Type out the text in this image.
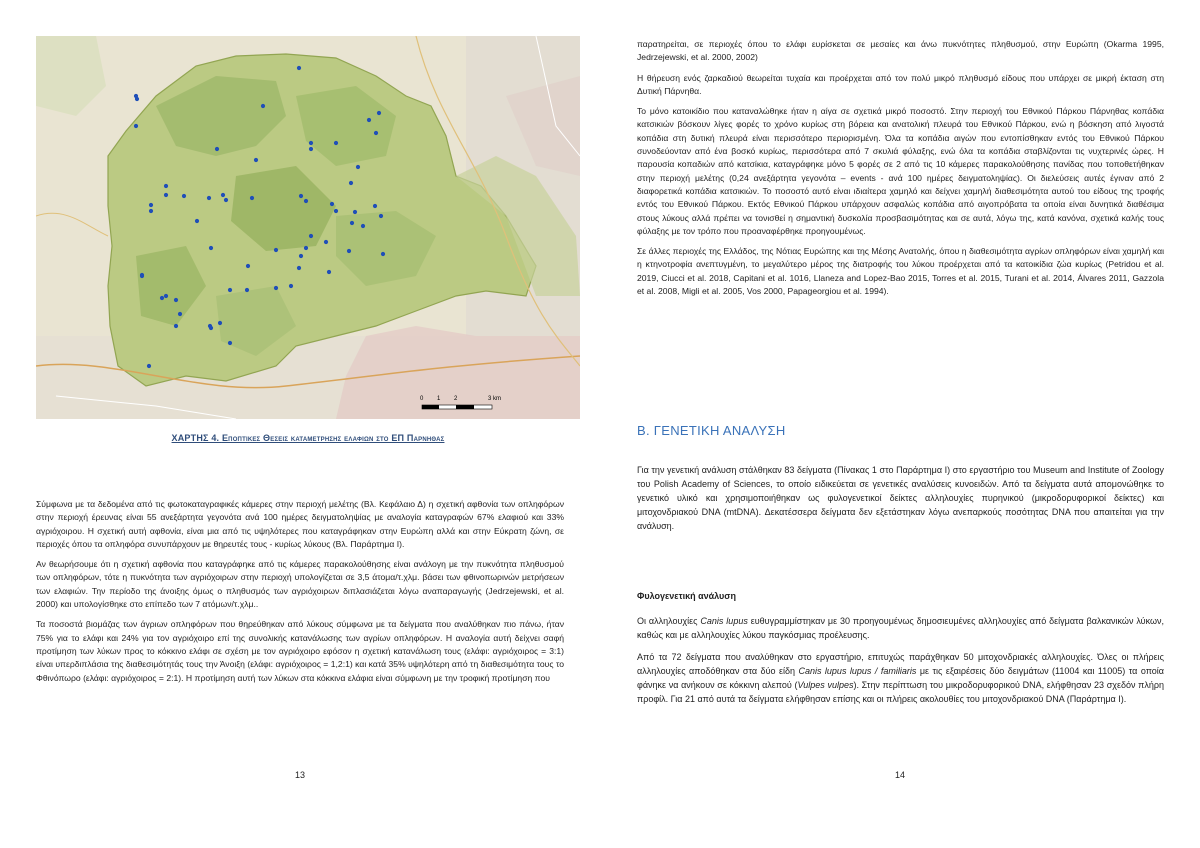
0 1 2	3 km
ΧΑΡΤΗΣ 4. Εποπτικες Θεσεις καταμετρησης ελαφιων στο ΕΠ Παρνηθας

Σύμφωνα με τα δεδομένα από τις φωτοκαταγραφικές κάμερες στην περιοχή μελέτης (Βλ. Κεφάλαιο Δ) η σχετική αφθονία των οπληφόρων στην περιοχή έρευνας είναι 55 ανεξάρτητα γεγονότα ανά 100 ημέρες δειγματοληψίας με αναλογία καταγραφών 67% ελαφιού και 33% αγριόχοιρου. Η σχετική αυτή αφθονία, είναι μια από τις υψηλότερες που καταγράφηκαν στην Ευρώπη αλλά και στην Εύκρατη ζώνη, σε περιοχές όπου τα οπληφόρα συνυπάρχουν με θηρευτές τους - κυρίως λύκους (Βλ. Παράρτημα Ι).

Αν θεωρήσουμε ότι η σχετική αφθονία που καταγράφηκε από τις κάμερες παρακολούθησης είναι ανάλογη με την πυκνότητα πληθυσμού των οπληφόρων, τότε η πυκνότητα των αγριόχοιρων στην περιοχή υπολογίζεται σε 3,5 άτομα/τ.χλμ. βάσει των φθινοπωρινών μετρήσεων των ελαφιών. Την περίοδο της άνοιξης όμως ο πληθυσμός των αγριόχοιρων διπλασιάζεται λόγω αναπαραγωγής (Jedrzejewski, et al. 2000) και υπολογίσθηκε στο επίπεδο των 7 ατόμων/τ.χλμ..

Τα ποσοστά βιομάζας των άγριων οπληφόρων που θηρεύθηκαν από λύκους σύμφωνα με τα δείγματα που αναλύθηκαν πιο πάνω, ήταν 75% για το ελάφι και 24% για τον αγριόχοιρο επί της συνολικής κατανάλωσης των αγρίων οπληφόρων. Η αναλογία αυτή δείχνει σαφή προτίμηση των λύκων προς το κόκκινο ελάφι σε σχέση με τον αγριόχοιρο εφόσον η σχετική κατανάλωση τους (ελάφι: αγριόχοιρος = 3:1) είναι υπερδιπλάσια της διαθεσιμότητάς τους την Άνοιξη (ελάφι: αγριόχοιρος = 1,2:1) και κατά 35% υψηλότερη από τη διαθεσιμότητα τους το Φθινόπωρο (ελάφι: αγριόχοιρος = 2:1). Η προτίμηση αυτή των λύκων στα κόκκινα ελάφια είναι σύμφωνη με την τροφική προτίμηση που

13

παρατηρείται, σε περιοχές όπου το ελάφι ευρίσκεται σε μεσαίες και άνω πυκνότητες πληθυσμού, στην Ευρώπη (Okarma 1995, Jedrzejewski, et al. 2000, 2002)

Η θήρευση ενός ζαρκαδιού θεωρείται τυχαία και προέρχεται από τον πολύ μικρό πληθυσμό είδους που υπάρχει σε μικρή έκταση στη Δυτική Πάρνηθα.

Το μόνο κατοικίδιο που καταναλώθηκε ήταν η αίγα σε σχετικά μικρό ποσοστό. Στην περιοχή του Εθνικού Πάρκου Πάρνηθας κοπάδια κατσικιών βόσκουν λίγες φορές το χρόνο κυρίως στη βόρεια και ανατολική πλευρά του Εθνικού Πάρκου, ενώ η βόσκηση από λιγοστά κοπάδια στη δυτική πλευρά είναι περισσότερο περιορισμένη. Όλα τα κοπάδια αιγών που εντοπίσθηκαν εντός του Εθνικού Πάρκου συνοδεύονταν από ένα βοσκό κυρίως, περισσότερα από 7 σκυλιά φύλαξης, ενώ όλα τα κοπάδια σταβλίζονται τις νυχτερινές ώρες. Η παρουσία κοπαδιών από κατσίκια, καταγράφηκε μόνο 5 φορές σε 2 από τις 10 κάμερες παρακολούθησης πανίδας που τοποθετήθηκαν στην περιοχή μελέτης (0,24 ανεξάρτητα γεγονότα – events - ανά 100 ημέρες δειγματοληψίας). Οι διελεύσεις αυτές έγιναν από 2 διαφορετικά κοπάδια κατσικιών. Το ποσοστό αυτό είναι ιδιαίτερα χαμηλό και δείχνει χαμηλή διαθεσιμότητα αυτού του είδους της τροφής εντός του Εθνικού Πάρκου. Εκτός Εθνικού Πάρκου υπάρχουν ασφαλώς κοπάδια από αιγοπρόβατα τα οποία είναι δυνητικά διαθέσιμα στους λύκους αλλά πρέπει να τονισθεί η σημαντική δυσκολία προσβασιμότητας και σε αυτά, λόγω της, κατά κανόνα, σχετικά καλής τους φύλαξης με τον τρόπο που προαναφέρθηκε προηγουμένως.

Σε άλλες περιοχές της Ελλάδος, της Νότιας Ευρώπης και της Μέσης Ανατολής, όπου η διαθεσιμότητα αγρίων οπληφόρων είναι χαμηλή και η κτηνοτροφία ανεπτυγμένη, το μεγαλύτερο μέρος της διατροφής του λύκου προέρχεται από τα κατοικίδια ζώα κυρίως (Petridou et al. 2019, Ciucci et al. 2018, Capitani et al. 1016, Llaneza and Lopez-Bao 2015, Torres et al. 2015, Turani et al. 2014, Álvares 2011, Gazzola et al. 2008, Migli et al. 2005, Vos 2000, Papageorgiou et al. 1994).

Β. ΓΕΝΕΤΙΚΗ ΑΝΑΛΥΣΗ

Για την γενετική ανάλυση στάλθηκαν 83 δείγματα (Πίνακας 1 στο Παράρτημα Ι) στο εργαστήριο του Museum and Institute of Zoology του Polish Academy of Sciences, το οποίο ειδικεύεται σε γενετικές αναλύσεις κυνοειδών. Από τα δείγματα αυτά απομονώθηκε το γενετικό υλικό και χρησιμοποιήθηκαν ως φυλογενετικοί δείκτες αλληλουχίες πυρηνικού (μικροδορυφορικοί δείκτες) και μιτοχονδριακού DNA (mtDNA). Δεκατέσσερα δείγματα δεν εξετάστηκαν λόγω ανεπαρκούς ποσότητας DNA που απαιτείται για την ανάλυση.

Φυλογενετική ανάλυση

Οι αλληλουχίες Canis lupus ευθυγραμμίστηκαν με 30 προηγουμένως δημοσιευμένες αλληλουχίες από δείγματα βαλκανικών λύκων, καθώς και με αλληλουχίες λύκου παγκόσμιας προέλευσης.

Από τα 72 δείγματα που αναλύθηκαν στο εργαστήριο, επιτυχώς παράχθηκαν 50 μιτοχονδριακές αλληλουχίες. Όλες οι πλήρεις αλληλουχίες αποδόθηκαν στα δύο είδη Canis lupus lupus / familiaris με τις εξαιρέσεις δύο δειγμάτων (11004 και 11005) τα οποία φάνηκε να ανήκουν σε κόκκινη αλεπού (Vulpes vulpes). Στην περίπτωση του μικροδορυφορικού DNA, ελήφθησαν 23 σχεδόν πλήρη προφίλ. Για 21 από αυτά τα δείγματα ελήφθησαν επίσης και οι πλήρεις ακολουθίες του μιτοχονδριακού DNA (Παράρτημα Ι).

14
